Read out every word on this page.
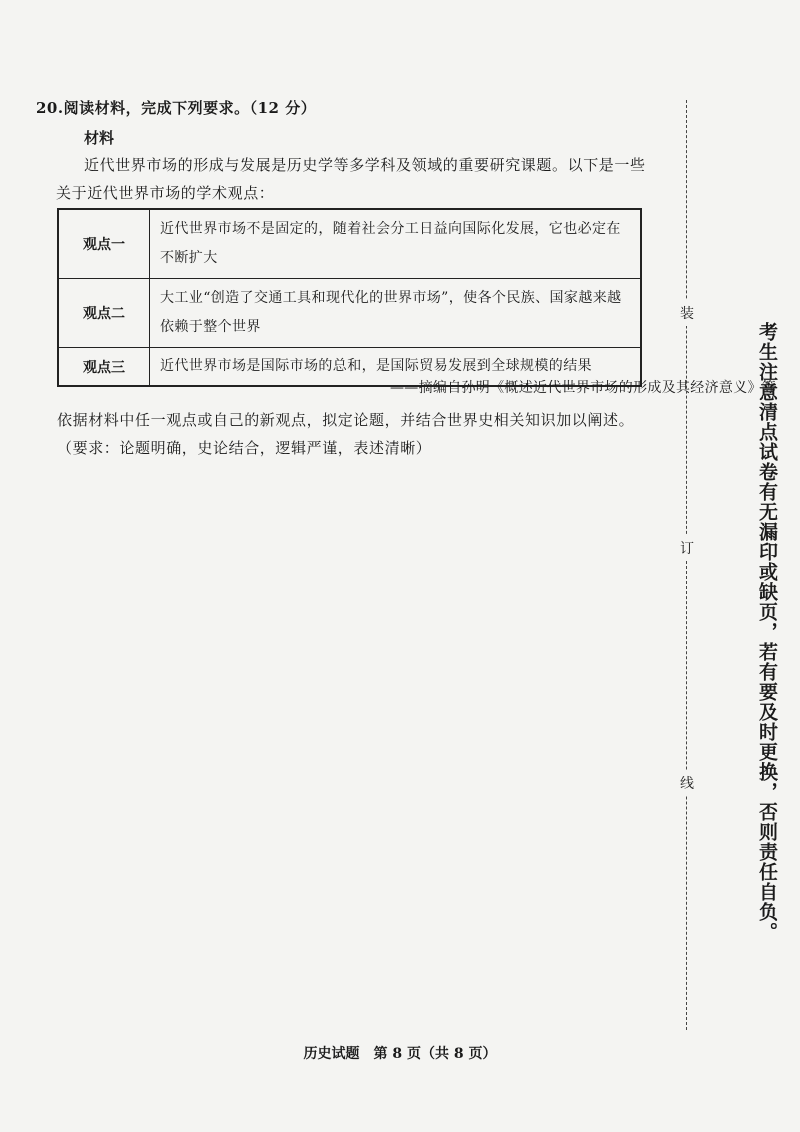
20.阅读材料，完成下列要求。（12 分）
材料
近代世界市场的形成与发展是历史学等多学科及领域的重要研究课题。以下是一些关于近代世界市场的学术观点：
观点一	近代世界市场不是固定的，随着社会分工日益向国际化发展，它也必定在不断扩大
观点二	大工业“创造了交通工具和现代化的世界市场”，使各个民族、国家越来越依赖于整个世界
观点三	近代世界市场是国际市场的总和，是国际贸易发展到全球规模的结果
——摘编自孙明《概述近代世界市场的形成及其经济意义》等
依据材料中任一观点或自己的新观点，拟定论题，并结合世界史相关知识加以阐述。
（要求：论题明确，史论结合，逻辑严谨，表述清晰）
装
订
线	考生注意清点试卷有无漏印或缺页，若有要及时更换，否则责任自负。
历史试题　第 8 页（共 8 页）
